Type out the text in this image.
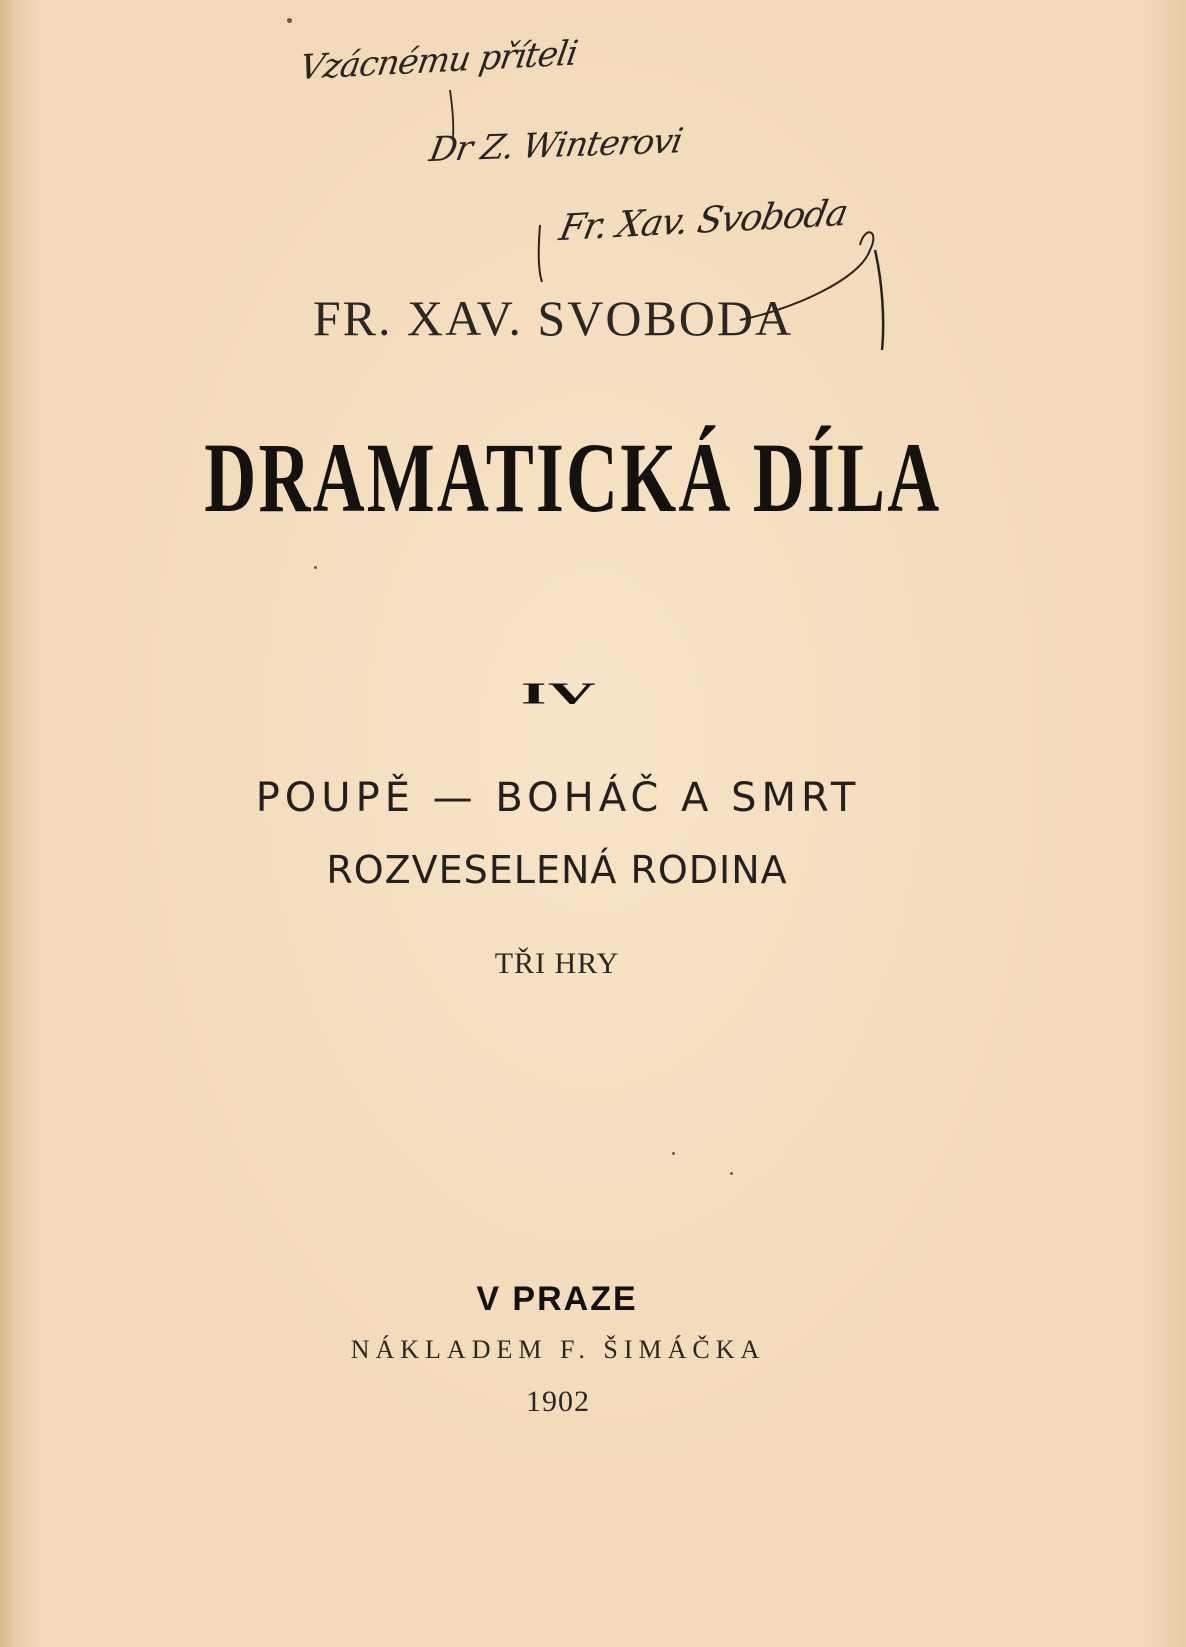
Vzácnému příteli
Dr Z. Winterovi
Fr. Xav. Svoboda
FR. XAV. SVOBODA
DRAMATICKÁ DÍLA
IV
POUPĚ — BOHÁČ A SMRT
ROZVESELENÁ RODINA
TŘI HRY
V PRAZE
NÁKLADEM F. ŠIMÁČKA
1902
